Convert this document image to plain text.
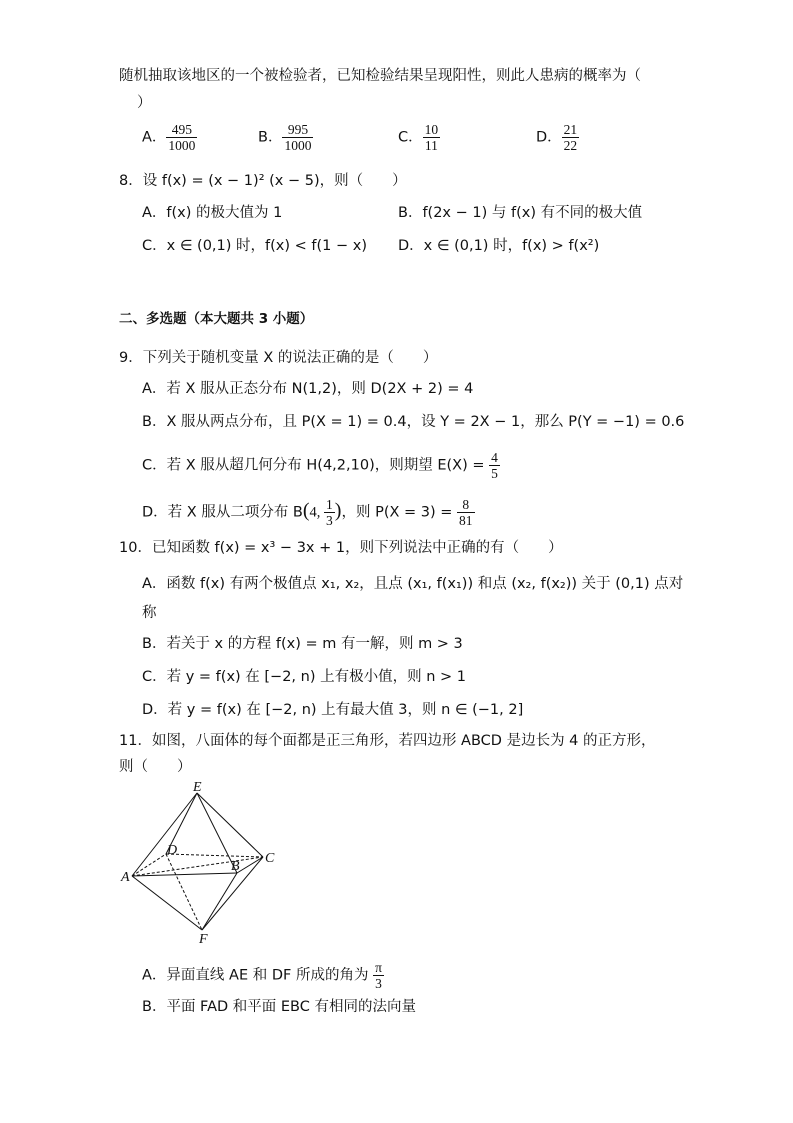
随机抽取该地区的一个被检验者，已知检验结果呈现阳性，则此人患病的概率为（
）
A． $\frac{495}{1000}$	B． $\frac{995}{1000}$	C． $\frac{10}{11}$	D． $\frac{21}{22}$
8．设 f(x) = (x − 1)² (x − 5)，则（　　）
A．f(x) 的极大值为 1	B．f(2x − 1) 与 f(x) 有不同的极大值
C．x ∈ (0,1) 时，f(x) < f(1 − x) D．x ∈ (0,1) 时，f(x) > f(x²)
二、多选题（本大题共 3 小题）
9．下列关于随机变量 X 的说法正确的是（　　）
A．若 X 服从正态分布 N(1,2)，则 D(2X + 2) = 4
B．X 服从两点分布，且 P(X = 1) = 0.4，设 Y = 2X − 1，那么 P(Y = −1) = 0.6
C．若 X 服从超几何分布 H(4,2,10)，则期望 $E(X) = \frac{4}{5}$
D．若 X 服从二项分布 B(4, $\frac{1}{3}$ )，则 $P(X = 3) = \frac{8}{81}$
10．已知函数 f(x) = x³ − 3x + 1，则下列说法中正确的有（　　）
A．函数 f(x) 有两个极值点 x₁, x₂，且点 (x₁, f(x₁)) 和点 (x₂, f(x₂)) 关于 (0,1) 点对
称
B．若关于 x 的方程 f(x) = m 有一解，则 m > 3
C．若 y = f(x) 在 [−2, n) 上有极小值，则 n > 1
D．若 y = f(x) 在 [−2, n) 上有最大值 3，则 n ∈ (−1, 2]
11．如图，八面体的每个面都是正三角形，若四边形 ABCD 是边长为 4 的正方形，
则（　　）
E
D
B
C
A
F
A．异面直线 AE 和 DF 所成的角为 $\frac{\pi}{3}$
B．平面 FAD 和平面 EBC 有相同的法向量
